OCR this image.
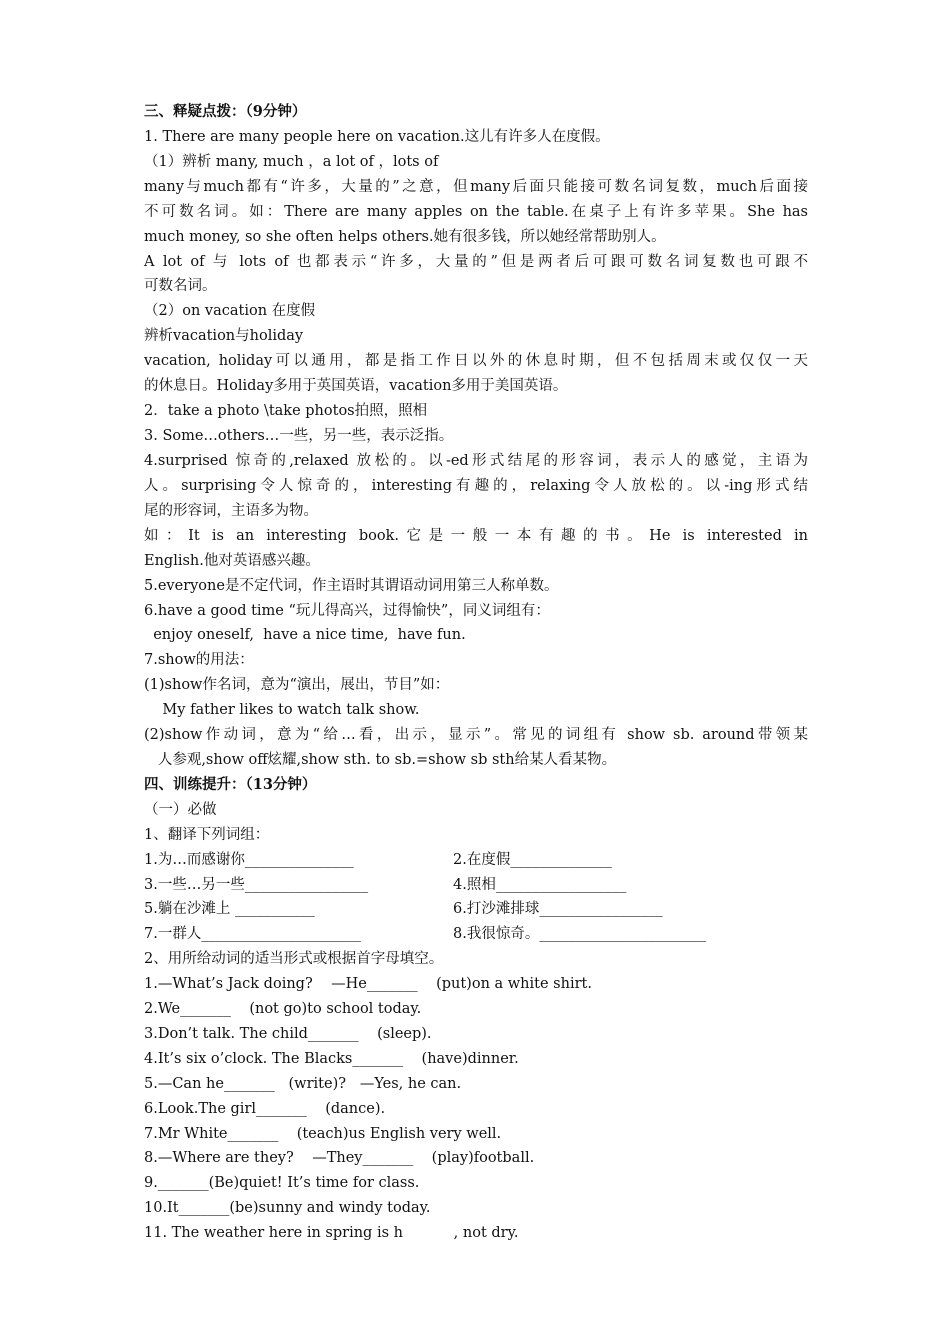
三、释疑点拨：（9分钟）
1. There are many people here on vacation.这儿有许多人在度假。
（1）辨析 many, much ，a lot of ，lots of
many与much都有“许多，大量的”之意，但many后面只能接可数名词复数，much后面接
不可数名词。如：There are many apples on the table.在桌子上有许多苹果。She has
much money, so she often helps others.她有很多钱，所以她经常帮助别人。
A lot of 与 lots of 也都表示“许多，大量的”但是两者后可跟可数名词复数也可跟不
可数名词。
（2）on vacation 在度假
辨析vacation与holiday
vacation, holiday可以通用，都是指工作日以外的休息时期，但不包括周末或仅仅一天
的休息日。Holiday多用于英国英语，vacation多用于美国英语。
2．take a photo \take photos拍照，照相
3. Some…others…一些，另一些，表示泛指。
4.surprised 惊奇的,relaxed 放松的。以-ed形式结尾的形容词，表示人的感觉，主语为
人。surprising令人惊奇的，interesting有趣的，relaxing令人放松的。以-ing形式结
尾的形容词，主语多为物。
如：It is an interesting book.它是一般一本有趣的书。He is interested in
English.他对英语感兴趣。
5.everyone是不定代词，作主语时其谓语动词用第三人称单数。
6.have a good time “玩儿得高兴，过得愉快”，同义词组有：
enjoy oneself,  have a nice time,  have fun.
7.show的用法：
(1)show作名词，意为“演出，展出，节目”如：
My father likes to watch talk show.
(2)show作动词，意为“给…看，出示，显示”。常见的词组有 show sb. around带领某
人参观,show off炫耀,show sth. to sb.=show sb sth给某人看某物。
四、训练提升：（13分钟）
（一）必做
1、翻译下列词组：
1.为…而感谢你_______________	2.在度假______________
3.一些…另一些_________________	4.照相__________________
5.躺在沙滩上 ___________	6.打沙滩排球_________________
7.一群人______________________	8.我很惊奇。_______________________
2、用所给动词的适当形式或根据首字母填空。
1.—What’s Jack doing?    —He_______    (put)on a white shirt.
2.We_______    (not go)to school today.
3.Don’t talk. The child_______    (sleep).
4.It’s six o’clock. The Blacks_______    (have)dinner.
5.—Can he_______   (write)?   —Yes, he can.
6.Look.The girl_______    (dance).
7.Mr White_______    (teach)us English very well.
8.—Where are they?    —They_______    (play)football.
9._______(Be)quiet! It’s time for class.
10.It_______(be)sunny and windy today.
11. The weather here in spring is h           , not dry.
